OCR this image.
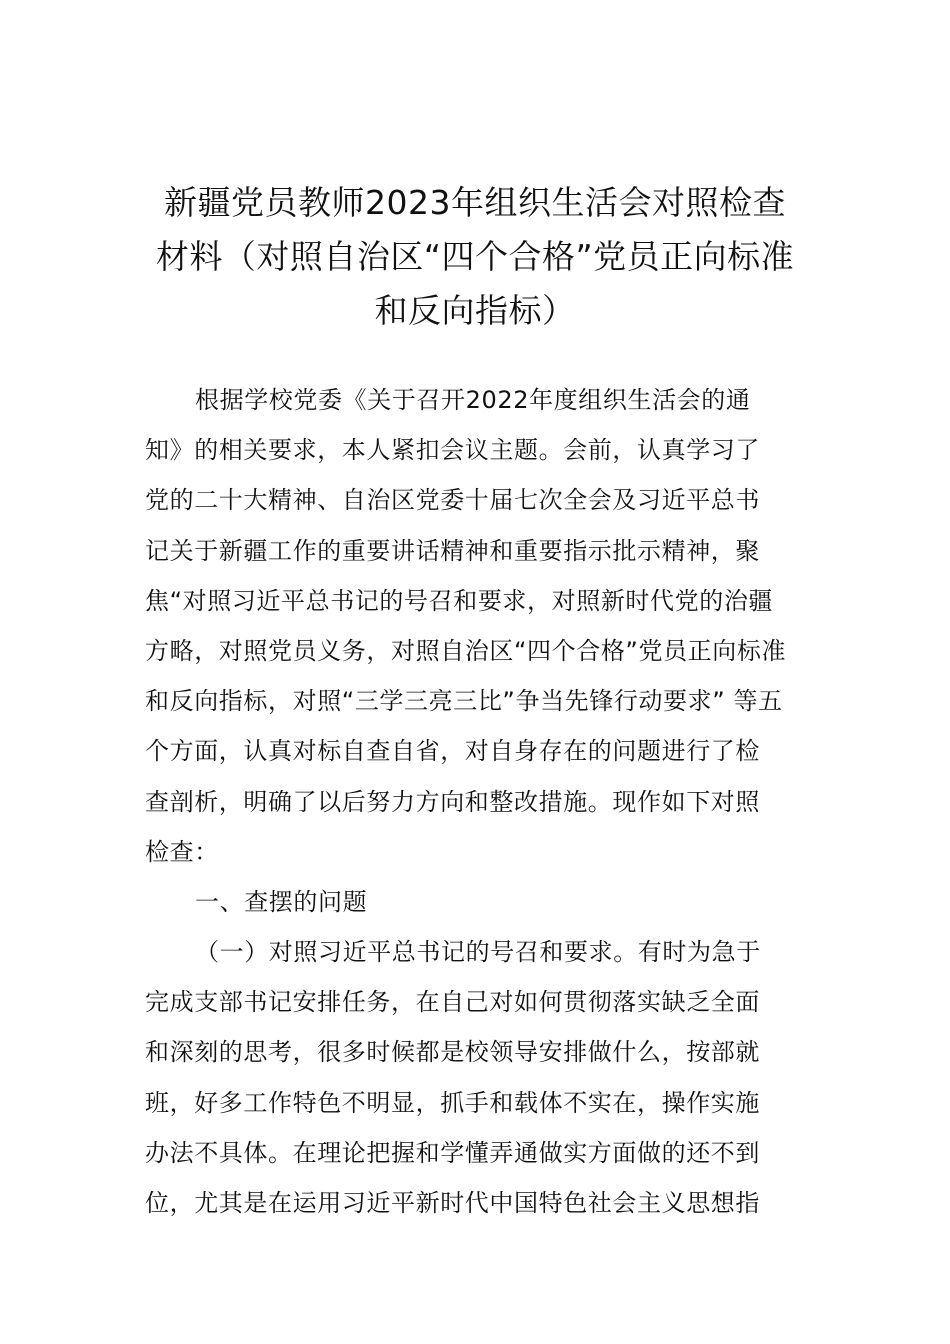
新疆党员教师2023年组织生活会对照检查
材料（对照自治区“四个合格”党员正向标准
和反向指标）
根据学校党委《关于召开2022年度组织生活会的通
知》的相关要求，本人紧扣会议主题。会前，认真学习了
党的二十大精神、自治区党委十届七次全会及习近平总书
记关于新疆工作的重要讲话精神和重要指示批示精神，聚
焦“对照习近平总书记的号召和要求，对照新时代党的治疆
方略，对照党员义务，对照自治区“四个合格”党员正向标准
和反向指标，对照“三学三亮三比”争当先锋行动要求” 等五
个方面，认真对标自查自省，对自身存在的问题进行了检
查剖析，明确了以后努力方向和整改措施。现作如下对照
检查：
一、查摆的问题
（一）对照习近平总书记的号召和要求。有时为急于
完成支部书记安排任务，在自己对如何贯彻落实缺乏全面
和深刻的思考，很多时候都是校领导安排做什么，按部就
班，好多工作特色不明显，抓手和载体不实在，操作实施
办法不具体。在理论把握和学懂弄通做实方面做的还不到
位，尤其是在运用习近平新时代中国特色社会主义思想指
